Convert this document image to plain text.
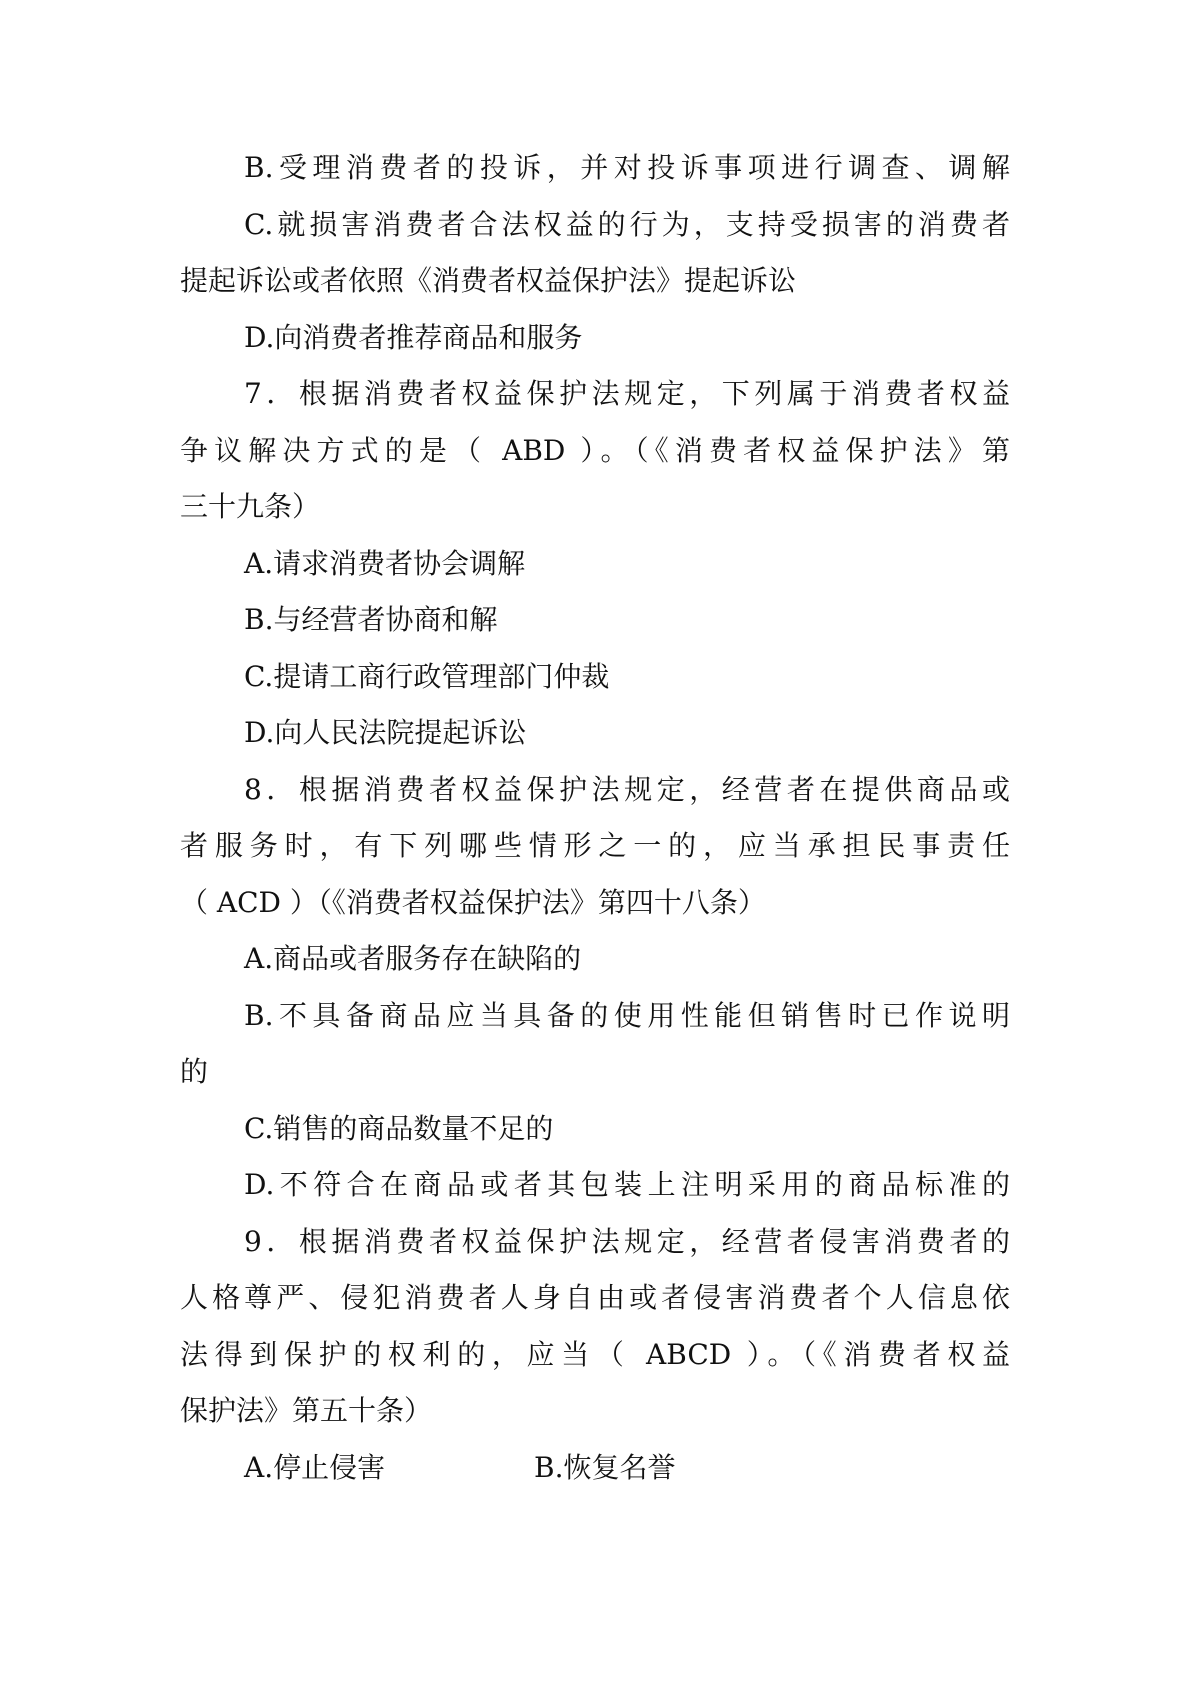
B.受理消费者的投诉，并对投诉事项进行调查、调解
C.就损害消费者合法权益的行为，支持受损害的消费者
提起诉讼或者依照《消费者权益保护法》提起诉讼
D.向消费者推荐商品和服务
7．根据消费者权益保护法规定，下列属于消费者权益
争议解决方式的是（ ABD ）。（《消费者权益保护法》第
三十九条）
A.请求消费者协会调解
B.与经营者协商和解
C.提请工商行政管理部门仲裁
D.向人民法院提起诉讼
8．根据消费者权益保护法规定，经营者在提供商品或
者服务时，有下列哪些情形之一的，应当承担民事责任
（ ACD ）（《消费者权益保护法》第四十八条）
A.商品或者服务存在缺陷的
B.不具备商品应当具备的使用性能但销售时已作说明
的
C.销售的商品数量不足的
D.不符合在商品或者其包装上注明采用的商品标准的
9．根据消费者权益保护法规定，经营者侵害消费者的
人格尊严、侵犯消费者人身自由或者侵害消费者个人信息依
法得到保护的权利的，应当（ ABCD ）。（《消费者权益
保护法》第五十条）
A.停止侵害	B.恢复名誉
